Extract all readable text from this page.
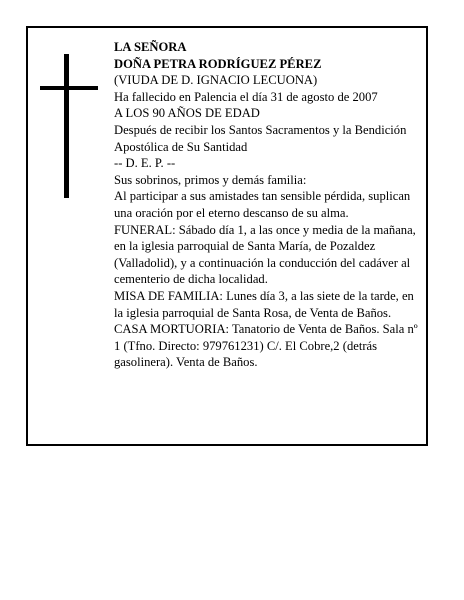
LA SEÑORA

DOÑA PETRA RODRÍGUEZ PÉREZ

(VIUDA DE D. IGNACIO LECUONA)

Ha fallecido en Palencia el día 31 de agosto de 2007

A LOS 90 AÑOS DE EDAD

Después de recibir los Santos Sacramentos y la Bendición Apostólica de Su Santidad

-- D. E. P. --

Sus sobrinos, primos y demás familia:

Al participar a sus amistades tan sensible pérdida, suplican una oración por el eterno descanso de su alma.

FUNERAL: Sábado día 1, a las once y media de la mañana, en la iglesia parroquial de Santa María, de Pozaldez (Valladolid), y a continuación la conducción del cadáver al cementerio de dicha localidad.

MISA DE FAMILIA: Lunes día 3, a las siete de la tarde, en la iglesia parroquial de Santa Rosa, de Venta de Baños.

CASA MORTUORIA: Tanatorio de Venta de Baños. Sala nº 1 (Tfno. Directo: 979761231) C/. El Cobre,2 (detrás gasolinera). Venta de Baños.
